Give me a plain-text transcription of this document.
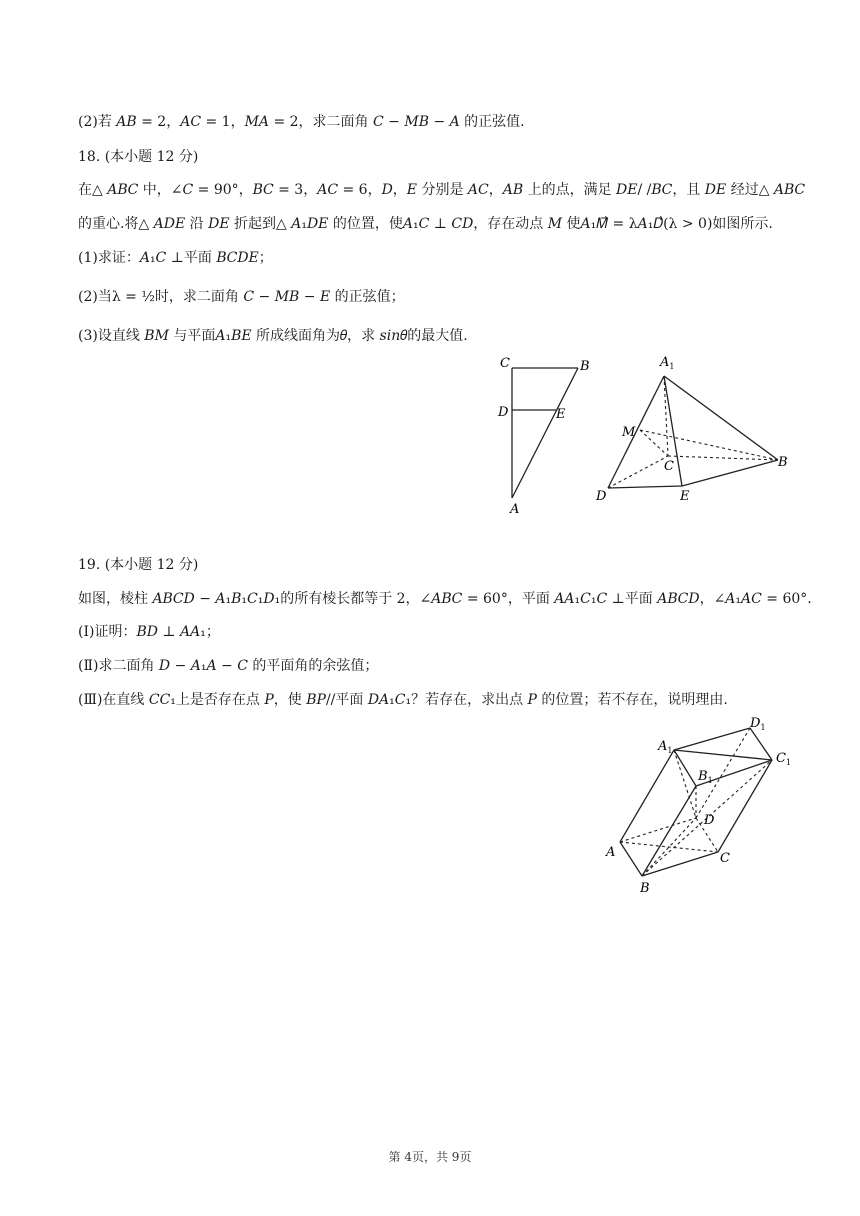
(2)若 𝐴𝐵 = 2，𝐴𝐶 = 1，𝑀𝐴 = 2，求二面角 𝐶 − 𝑀𝐵 − 𝐴 的正弦值.
18. (本小题 12 分)
在△ 𝐴𝐵𝐶 中，∠𝐶 = 90°，𝐵𝐶 = 3，𝐴𝐶 = 6，𝐷，𝐸 分别是 𝐴𝐶，𝐴𝐵 上的点，满足 𝐷𝐸/ /𝐵𝐶，且 𝐷𝐸 经过△ 𝐴𝐵𝐶
的重心.将△ 𝐴𝐷𝐸 沿 𝐷𝐸 折起到△ 𝐴₁𝐷𝐸 的位置，使𝐴₁𝐶 ⊥ 𝐶𝐷，存在动点 𝑀 使𝐴₁𝑀⃗ = λ𝐴₁𝐷⃗(λ > 0)如图所示.
(1)求证：𝐴₁𝐶 ⊥平面 𝐵𝐶𝐷𝐸；
(2)当λ = ½时，求二面角 𝐶 − 𝑀𝐵 − 𝐸 的正弦值；
(3)设直线 𝐵𝑀 与平面𝐴₁𝐵𝐸 所成线面角为𝜃，求 𝑠𝑖𝑛𝜃的最大值.
C	B
D	E
A
$A_1$
M
C	B
D	E
19. (本小题 12 分)
如图，棱柱 𝐴𝐵𝐶𝐷 − 𝐴₁𝐵₁𝐶₁𝐷₁的所有棱长都等于 2，∠𝐴𝐵𝐶 = 60°，平面 𝐴𝐴₁𝐶₁𝐶 ⊥平面 𝐴𝐵𝐶𝐷，∠𝐴₁𝐴𝐶 = 60°.
(Ⅰ)证明：𝐵𝐷 ⊥ 𝐴𝐴₁；
(Ⅱ)求二面角 𝐷 − 𝐴₁𝐴 − 𝐶 的平面角的余弦值；
(Ⅲ)在直线 𝐶𝐶₁上是否存在点 𝑃，使 𝐵𝑃//平面 𝐷𝐴₁𝐶₁？若存在，求出点 𝑃 的位置；若不存在，说明理由.
$A_1$
$D_1$
$C_1$
$B_1$
D
A	C
B
第 4页，共 9页
